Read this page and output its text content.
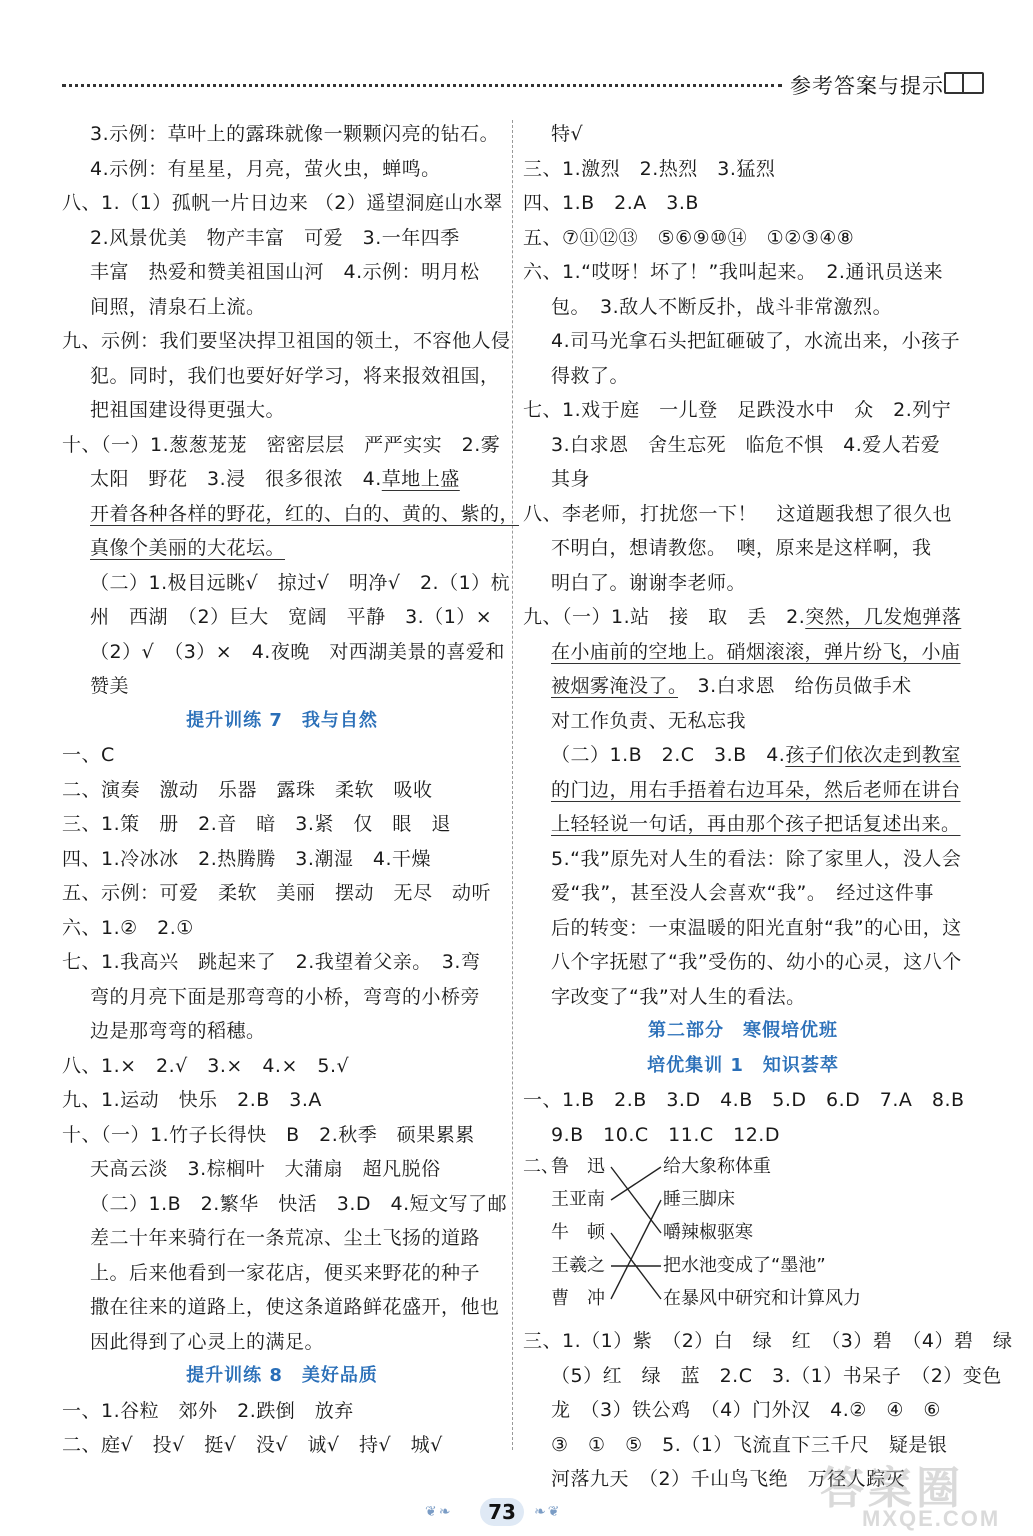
参考答案与提示
3.示例：草叶上的露珠就像一颗颗闪亮的钻石。
4.示例：有星星，月亮，萤火虫，蝉鸣。
八、1.（1）孤帆一片日边来 （2）遥望洞庭山水翠
2.风景优美　物产丰富　可爱　3.一年四季
丰富　热爱和赞美祖国山河　4.示例：明月松
间照，清泉石上流。
九、示例：我们要坚决捍卫祖国的领土，不容他人侵
犯。同时，我们也要好好学习，将来报效祖国，
把祖国建设得更强大。
十、（一）1.葱葱茏茏　密密层层　严严实实　2.雾
太阳　野花　3.浸　很多很浓　4.草地上盛
开着各种各样的野花，红的、白的、黄的、紫的，
真像个美丽的大花坛。
（二）1.极目远眺√　掠过√　明净√　2.（1）杭
州　西湖　（2）巨大　宽阔　平静　3.（1）×
（2）√　（3）×　4.夜晚　对西湖美景的喜爱和
赞美
提升训练 7　我与自然
一、C
二、演奏　激动　乐器　露珠　柔软　吸收
三、1.策　册　2.音　暗　3.紧　仅　眼　退
四、1.冷冰冰　2.热腾腾　3.潮湿　4.干燥
五、示例：可爱　柔软　美丽　摆动　无尽　动听
六、1.②　2.①
七、1.我高兴　跳起来了　2.我望着父亲。　3.弯
弯的月亮下面是那弯弯的小桥，弯弯的小桥旁
边是那弯弯的稻穗。
八、1.×　2.√　3.×　4.×　5.√
九、1.运动　快乐　2.B　3.A
十、（一）1.竹子长得快　B　2.秋季　硕果累累
天高云淡　3.棕榈叶　大蒲扇　超凡脱俗
（二）1.B　2.繁华　快活　3.D　4.短文写了邮
差二十年来骑行在一条荒凉、尘土飞扬的道路
上。后来他看到一家花店，便买来野花的种子
撒在往来的道路上，使这条道路鲜花盛开，他也
因此得到了心灵上的满足。
提升训练 8　美好品质
一、1.谷粒　郊外　2.跌倒　放弃
二、庭√　投√　挺√　没√　诚√　持√　城√
特√
三、1.激烈　2.热烈　3.猛烈
四、1.B　2.A　3.B
五、⑦⑪⑫⑬　⑤⑥⑨⑩⑭　①②③④⑧
六、1.“哎呀！坏了！”我叫起来。　2.通讯员送来
包。　3.敌人不断反扑，战斗非常激烈。
4.司马光拿石头把缸砸破了，水流出来，小孩子
得救了。
七、1.戏于庭　一儿登　足跌没水中　众　2.列宁
3.白求恩　舍生忘死　临危不惧　4.爱人若爱
其身
八、李老师，打扰您一下！　这道题我想了很久也
不明白，想请教您。　噢，原来是这样啊，我
明白了。谢谢李老师。
九、（一）1.站　接　取　丢　2.突然，几发炮弹落
在小庙前的空地上。硝烟滚滚，弹片纷飞，小庙
被烟雾淹没了。　3.白求恩　给伤员做手术
对工作负责、无私忘我
（二）1.B　2.C　3.B　4.孩子们依次走到教室
的门边，用右手捂着右边耳朵，然后老师在讲台
上轻轻说一句话，再由那个孩子把话复述出来。
5.“我”原先对人生的看法：除了家里人，没人会
爱“我”，甚至没人会喜欢“我”。　经过这件事
后的转变：一束温暖的阳光直射“我”的心田，这
八个字抚慰了“我”受伤的、幼小的心灵，这八个
字改变了“我”对人生的看法。
第二部分　寒假培优班
培优集训 1　知识荟萃
一、1.B　2.B　3.D　4.B　5.D　6.D　7.A　8.B
9.B　10.C　11.C　12.D
二、
鲁　迅
王亚南
牛　顿
王羲之
曹　冲
给大象称体重
睡三脚床
嚼辣椒驱寒
把水池变成了“墨池”
在暴风中研究和计算风力
三、1.（1）紫　（2）白　绿　红　（3）碧　（4）碧　绿
（5）红　绿　蓝　2.C　3.（1）书呆子　（2）变色
龙　（3）铁公鸡　（4）门外汉　4.②　④　⑥
③　①　⑤　5.（1）飞流直下三千尺　疑是银
河落九天　（2）千山鸟飞绝　万径人踪灭
❦❧	73	❧❦	答案圈
MXQE.COM
